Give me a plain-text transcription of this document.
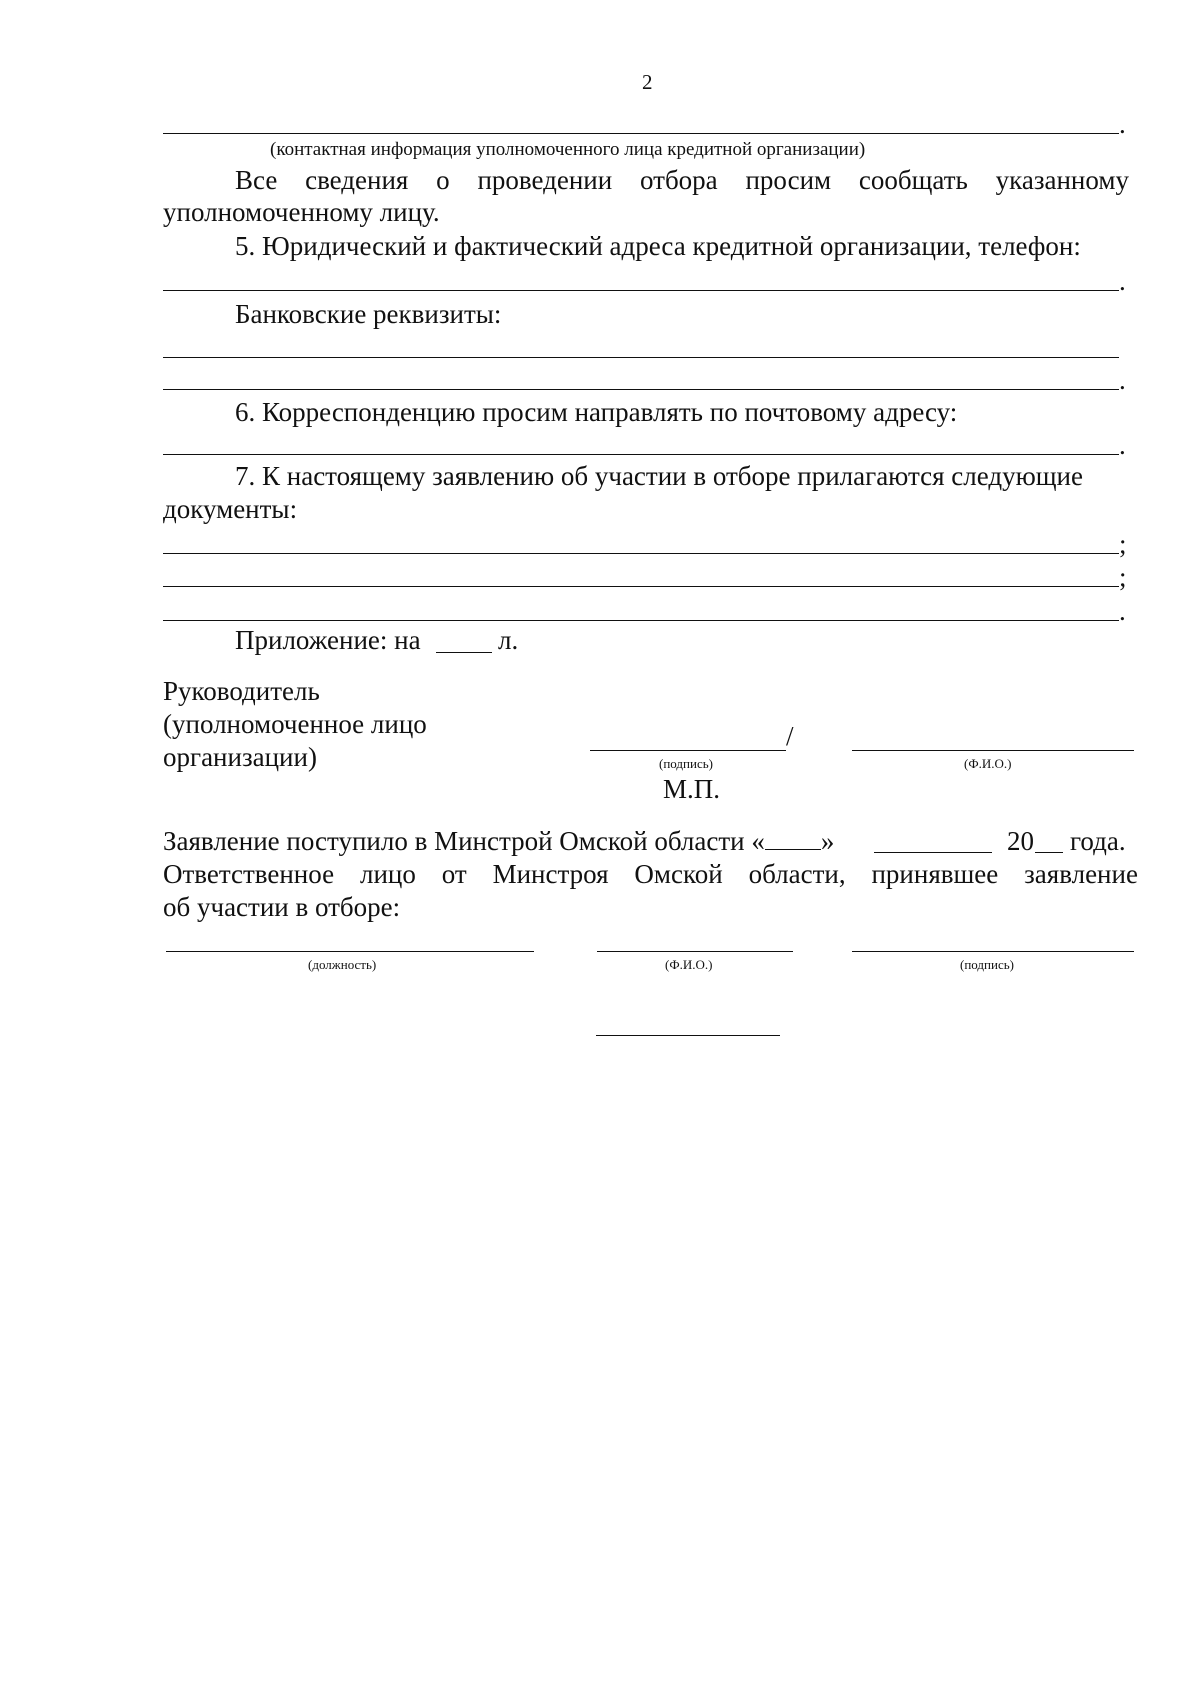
2
.
(контактная информация уполномоченного лица кредитной организации)
Все сведения о проведении отбора просим сообщать указанному
уполномоченному лицу.
5. Юридический и фактический адреса кредитной организации, телефон:
.
Банковские реквизиты:
.
6. Корреспонденцию просим направлять по почтовому адресу:
.
7. К настоящему заявлению об участии в отборе прилагаются следующие
документы:
;
;
.
Приложение: на	л.
Руководитель
(уполномоченное лицо
организации)
/
(подпись)	(Ф.И.О.)
М.П.
Заявление поступило в Минстрой Омской области « »	20 года.
Ответственное лицо от Минстроя Омской области, принявшее заявление
об участии в отборе:
(должность)	(Ф.И.О.)	(подпись)
